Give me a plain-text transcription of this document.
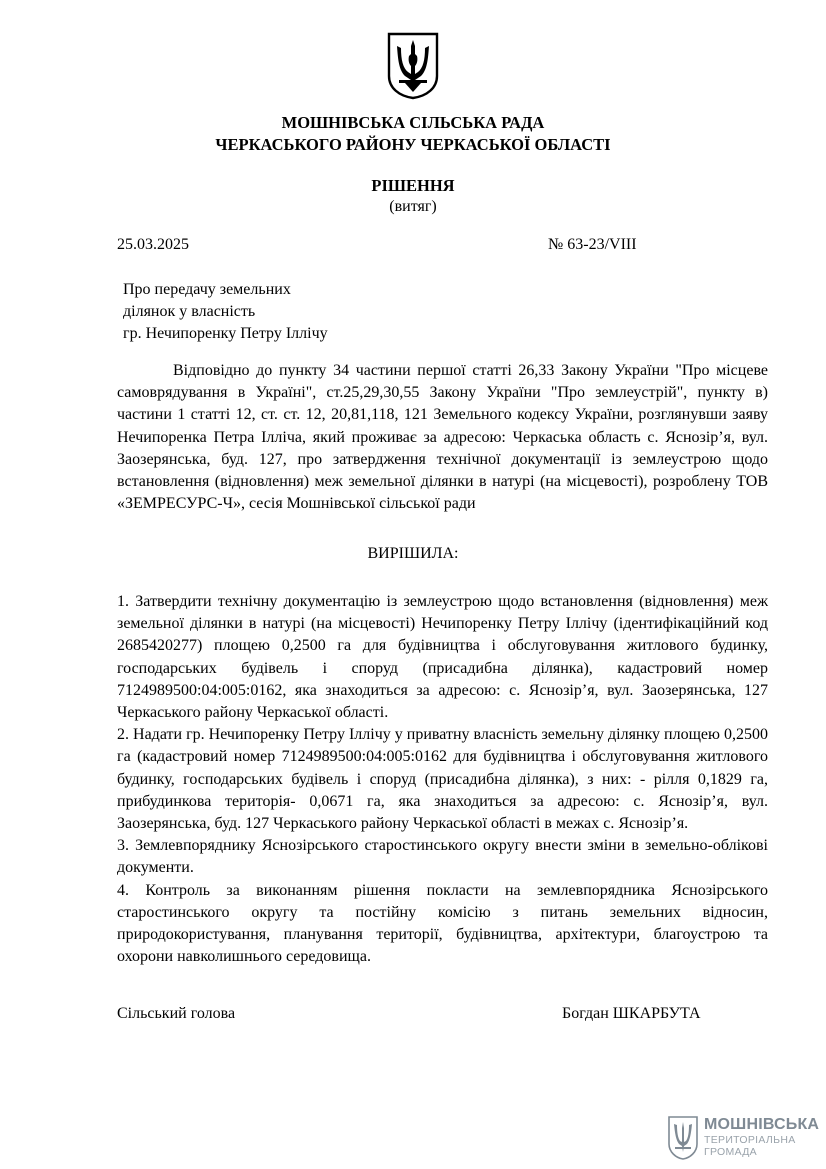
МОШНІВСЬКА СІЛЬСЬКА РАДА
ЧЕРКАСЬКОГО РАЙОНУ ЧЕРКАСЬКОЇ ОБЛАСТІ
РІШЕННЯ
(витяг)
25.03.2025	№ 63-23/VIII
Про передачу земельних
ділянок у власність
гр. Нечипоренку Петру Іллічу

Відповідно до пункту 34 частини першої статті 26,33 Закону України "Про місцеве самоврядування в Україні", ст.25,29,30,55 Закону України "Про землеустрій", пункту в) частини 1 статті 12, ст. ст. 12, 20,81,118, 121 Земельного кодексу України, розглянувши заяву Нечипоренка Петра Ілліча, який проживає за адресою: Черкаська область с. Яснозір’я, вул. Заозерянська, буд. 127, про затвердження технічної документації із землеустрою щодо встановлення (відновлення) меж земельної ділянки в натурі (на місцевості), розроблену ТОВ «ЗЕМРЕСУРС-Ч», сесія Мошнівської сільської ради

ВИРІШИЛА:

1. Затвердити технічну документацію із землеустрою щодо встановлення (відновлення) меж земельної ділянки в натурі (на місцевості) Нечипоренку Петру Іллічу (ідентифікаційний код 2685420277) площею 0,2500 га для будівництва і обслуговування житлового будинку, господарських будівель і споруд (присадибна ділянка), кадастровий номер 7124989500:04:005:0162, яка знаходиться за адресою: с. Яснозір’я, вул. Заозерянська, 127 Черкаського району Черкаської області.

2. Надати гр. Нечипоренку Петру Іллічу у приватну власність земельну ділянку площею 0,2500 га (кадастровий номер 7124989500:04:005:0162 для будівництва і обслуговування житлового будинку, господарських будівель і споруд (присадибна ділянка), з них: - рілля 0,1829 га, прибудинкова територія- 0,0671 га, яка знаходиться за адресою: с. Яснозір’я, вул. Заозерянська, буд. 127 Черкаського району Черкаської області в межах с. Яснозір’я.

3. Землевпоряднику Яснозірського старостинського округу внести зміни в земельно-облікові документи.

4. Контроль за виконанням рішення покласти на землевпорядника Яснозірського старостинського округу та постійну комісію з питань земельних відносин, природокористування, планування території, будівництва, архітектури, благоустрою та охорони навколишнього середовища.

Сільський голова	Богдан ШКАРБУТА
МОШНІВСЬКА
ТЕРИТОРІАЛЬНА
ГРОМАДА
